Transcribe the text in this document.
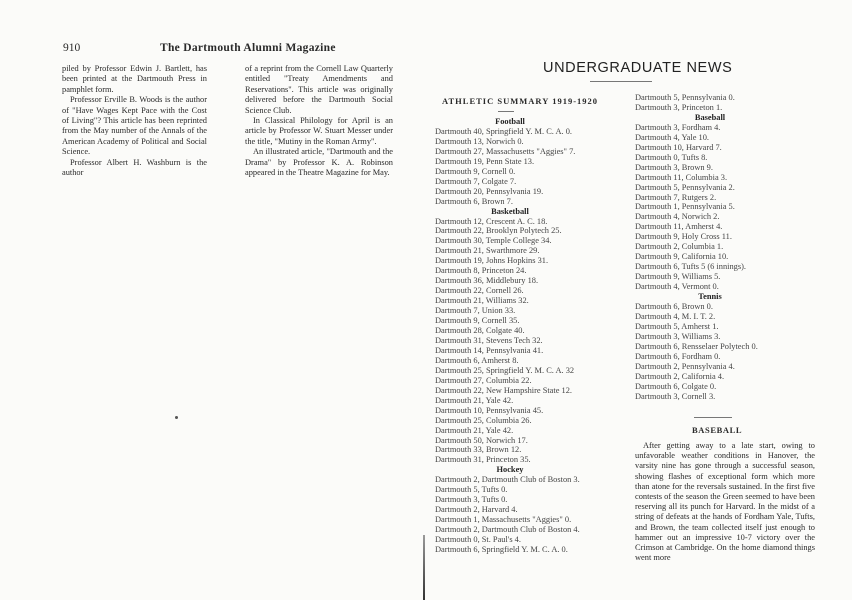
910	The Dartmouth Alumni Magazine

piled by Professor Edwin J. Bartlett, has been printed at the Dartmouth Press in pamphlet form.

Professor Erville B. Woods is the author of "Have Wages Kept Pace with the Cost of Living"? This article has been reprinted from the May number of the Annals of the American Academy of Political and Social Science.

Professor Albert H. Washburn is the author

of a reprint from the Cornell Law Quarterly entitled "Treaty Amendments and Reservations". This article was originally delivered before the Dartmouth Social Science Club.

In Classical Philology for April is an article by Professor W. Stuart Messer under the title, "Mutiny in the Roman Army".

An illustrated article, "Dartmouth and the Drama" by Professor K. A. Robinson appeared in the Theatre Magazine for May.

UNDERGRADUATE NEWS
ATHLETIC SUMMARY 1919-1920
Football
Dartmouth 40, Springfield Y. M. C. A. 0.
Dartmouth 13, Norwich 0.
Dartmouth 27, Massachusetts "Aggies" 7.
Dartmouth 19, Penn State 13.
Dartmouth 9, Cornell 0.
Dartmouth 7, Colgate 7.
Dartmouth 20, Pennsylvania 19.
Dartmouth 6, Brown 7.
Basketball
Dartmouth 12, Crescent A. C. 18.
Dartmouth 22, Brooklyn Polytech 25.
Dartmouth 30, Temple College 34.
Dartmouth 21, Swarthmore 29.
Dartmouth 19, Johns Hopkins 31.
Dartmouth 8, Princeton 24.
Dartmouth 36, Middlebury 18.
Dartmouth 22, Cornell 26.
Dartmouth 21, Williams 32.
Dartmouth 7, Union 33.
Dartmouth 9, Cornell 35.
Dartmouth 28, Colgate 40.
Dartmouth 31, Stevens Tech 32.
Dartmouth 14, Pennsylvania 41.
Dartmouth 6, Amherst 8.
Dartmouth 25, Springfield Y. M. C. A. 32
Dartmouth 27, Columbia 22.
Dartmouth 22, New Hampshire State 12.
Dartmouth 21, Yale 42.
Dartmouth 10, Pennsylvania 45.
Dartmouth 25, Columbia 26.
Dartmouth 21, Yale 42.
Dartmouth 50, Norwich 17.
Dartmouth 33, Brown 12.
Dartmouth 31, Princeton 35.
Hockey
Dartmouth 2, Dartmouth Club of Boston 3.
Dartmouth 5, Tufts 0.
Dartmouth 3, Tufts 0.
Dartmouth 2, Harvard 4.
Dartmouth 1, Massachusetts "Aggies" 0.
Dartmouth 2, Dartmouth Club of Boston 4.
Dartmouth 0, St. Paul's 4.
Dartmouth 6, Springfield Y. M. C. A. 0.
Dartmouth 5, Pennsylvania 0.
Dartmouth 3, Princeton 1.
Baseball
Dartmouth 3, Fordham 4.
Dartmouth 4, Yale 10.
Dartmouth 10, Harvard 7.
Dartmouth 0, Tufts 8.
Dartmouth 3, Brown 9.
Dartmouth 11, Columbia 3.
Dartmouth 5, Pennsylvania 2.
Dartmouth 7, Rutgers 2.
Dartmouth 1, Pennsylvania 5.
Dartmouth 4, Norwich 2.
Dartmouth 11, Amherst 4.
Dartmouth 9, Holy Cross 11.
Dartmouth 2, Columbia 1.
Dartmouth 9, California 10.
Dartmouth 6, Tufts 5 (6 innings).
Dartmouth 9, Williams 5.
Dartmouth 4, Vermont 0.
Tennis
Dartmouth 6, Brown 0.
Dartmouth 4, M. I. T. 2.
Dartmouth 5, Amherst 1.
Dartmouth 3, Williams 3.
Dartmouth 6, Rensselaer Polytech 0.
Dartmouth 6, Fordham 0.
Dartmouth 2, Pennsylvania 4.
Dartmouth 2, California 4.
Dartmouth 6, Colgate 0.
Dartmouth 3, Cornell 3.
BASEBALL

After getting away to a late start, owing to unfavorable weather conditions in Hanover, the varsity nine has gone through a successful season, showing flashes of exceptional form which more than atone for the reversals sustained. In the first five contests of the season the Green seemed to have been reserving all its punch for Harvard. In the midst of a string of defeats at the hands of Fordham Yale, Tufts, and Brown, the team collected itself just enough to hammer out an impressive 10-7 victory over the Crimson at Cambridge. On the home diamond things went more
